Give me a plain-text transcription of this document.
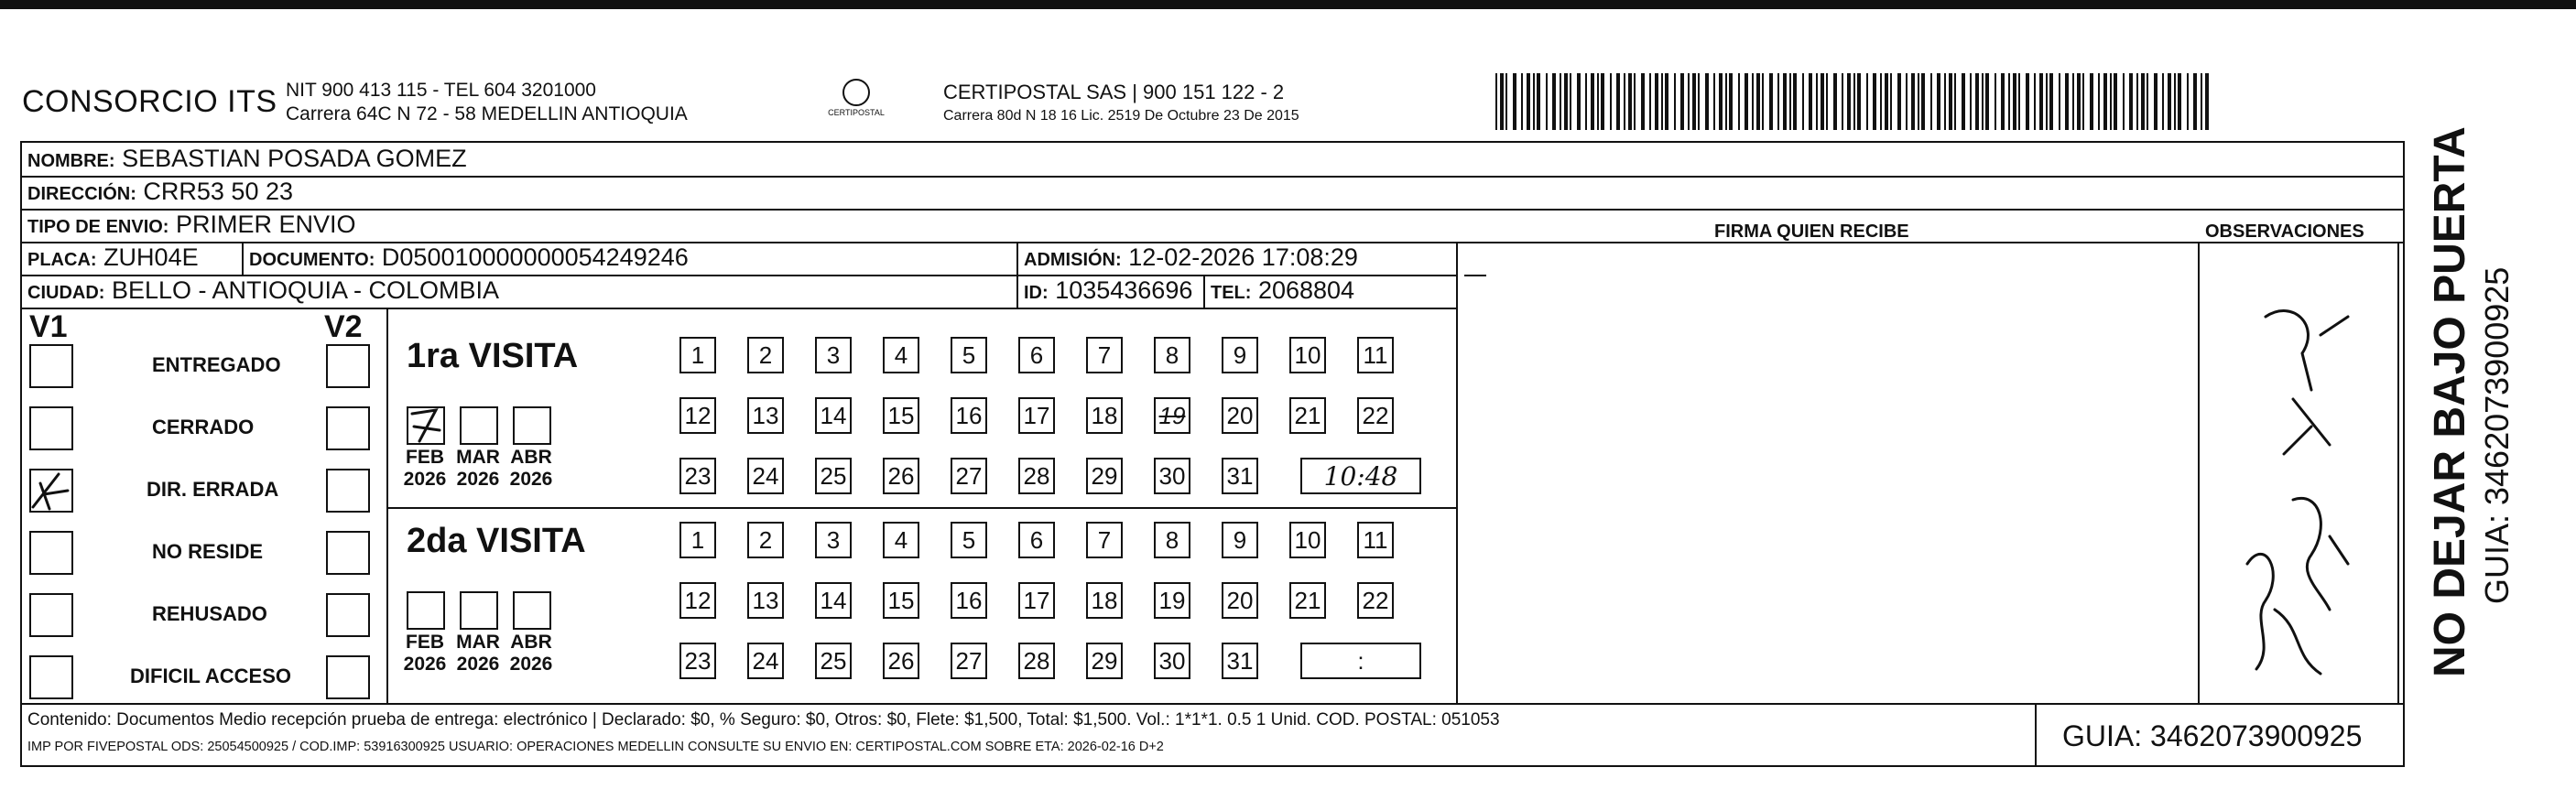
CONSORCIO ITS NIT 900 413 115 - TEL 604 3201000
Carrera 64C N 72 - 58 MEDELLIN ANTIOQUIA	CERTIPOSTAL
CERTIPOSTAL SAS | 900 151 122 - 2
Carrera 80d N 18 16 Lic. 2519 De Octubre 23 De 2015
NOMBRE: SEBASTIAN POSADA GOMEZ
DIRECCIÓN: CRR53 50 23
TIPO DE ENVIO: PRIMER ENVIO
PLACA: ZUH04E	DOCUMENTO: D050010000000054249246	ADMISIÓN: 12-02-2026 17:08:29
CIUDAD: BELLO - ANTIOQUIA - COLOMBIA	ID: 1035436696 TEL: 2068804
FIRMA QUIEN RECIBE	OBSERVACIONES
V1	V2
ENTREGADO
CERRADO
DIR. ERRADA
NO RESIDE
REHUSADO
DIFICIL ACCESO
1ra VISITA
FEB
2026
MAR
2026
ABR
2026
1	2	3	4	5	6	7	8	9	10 11
12 13 14 15 16 17 18 19 20 21 22
23 24 25 26 27 28 29 30 31	10:48
2da VISITA
FEB
2026
MAR
2026
ABR
2026
1	2	3	4	5	6	7	8	9	10 11
12 13 14 15 16 17 18 19 20 21 22
23 24 25 26 27 28 29 30 31	:
Contenido: Documentos Medio recepción prueba de entrega: electrónico | Declarado: $0, % Seguro: $0, Otros: $0, Flete: $1,500, Total: $1,500. Vol.: 1*1*1. 0.5 1 Unid. COD. POSTAL: 051053
IMP POR FIVEPOSTAL ODS: 25054500925 / COD.IMP: 53916300925 USUARIO: OPERACIONES MEDELLIN CONSULTE SU ENVIO EN: CERTIPOSTAL.COM SOBRE ETA: 2026-02-16 D+2	GUIA: 3462073900925
NO DEJAR BAJO PUERTA GUIA: 3462073900925
